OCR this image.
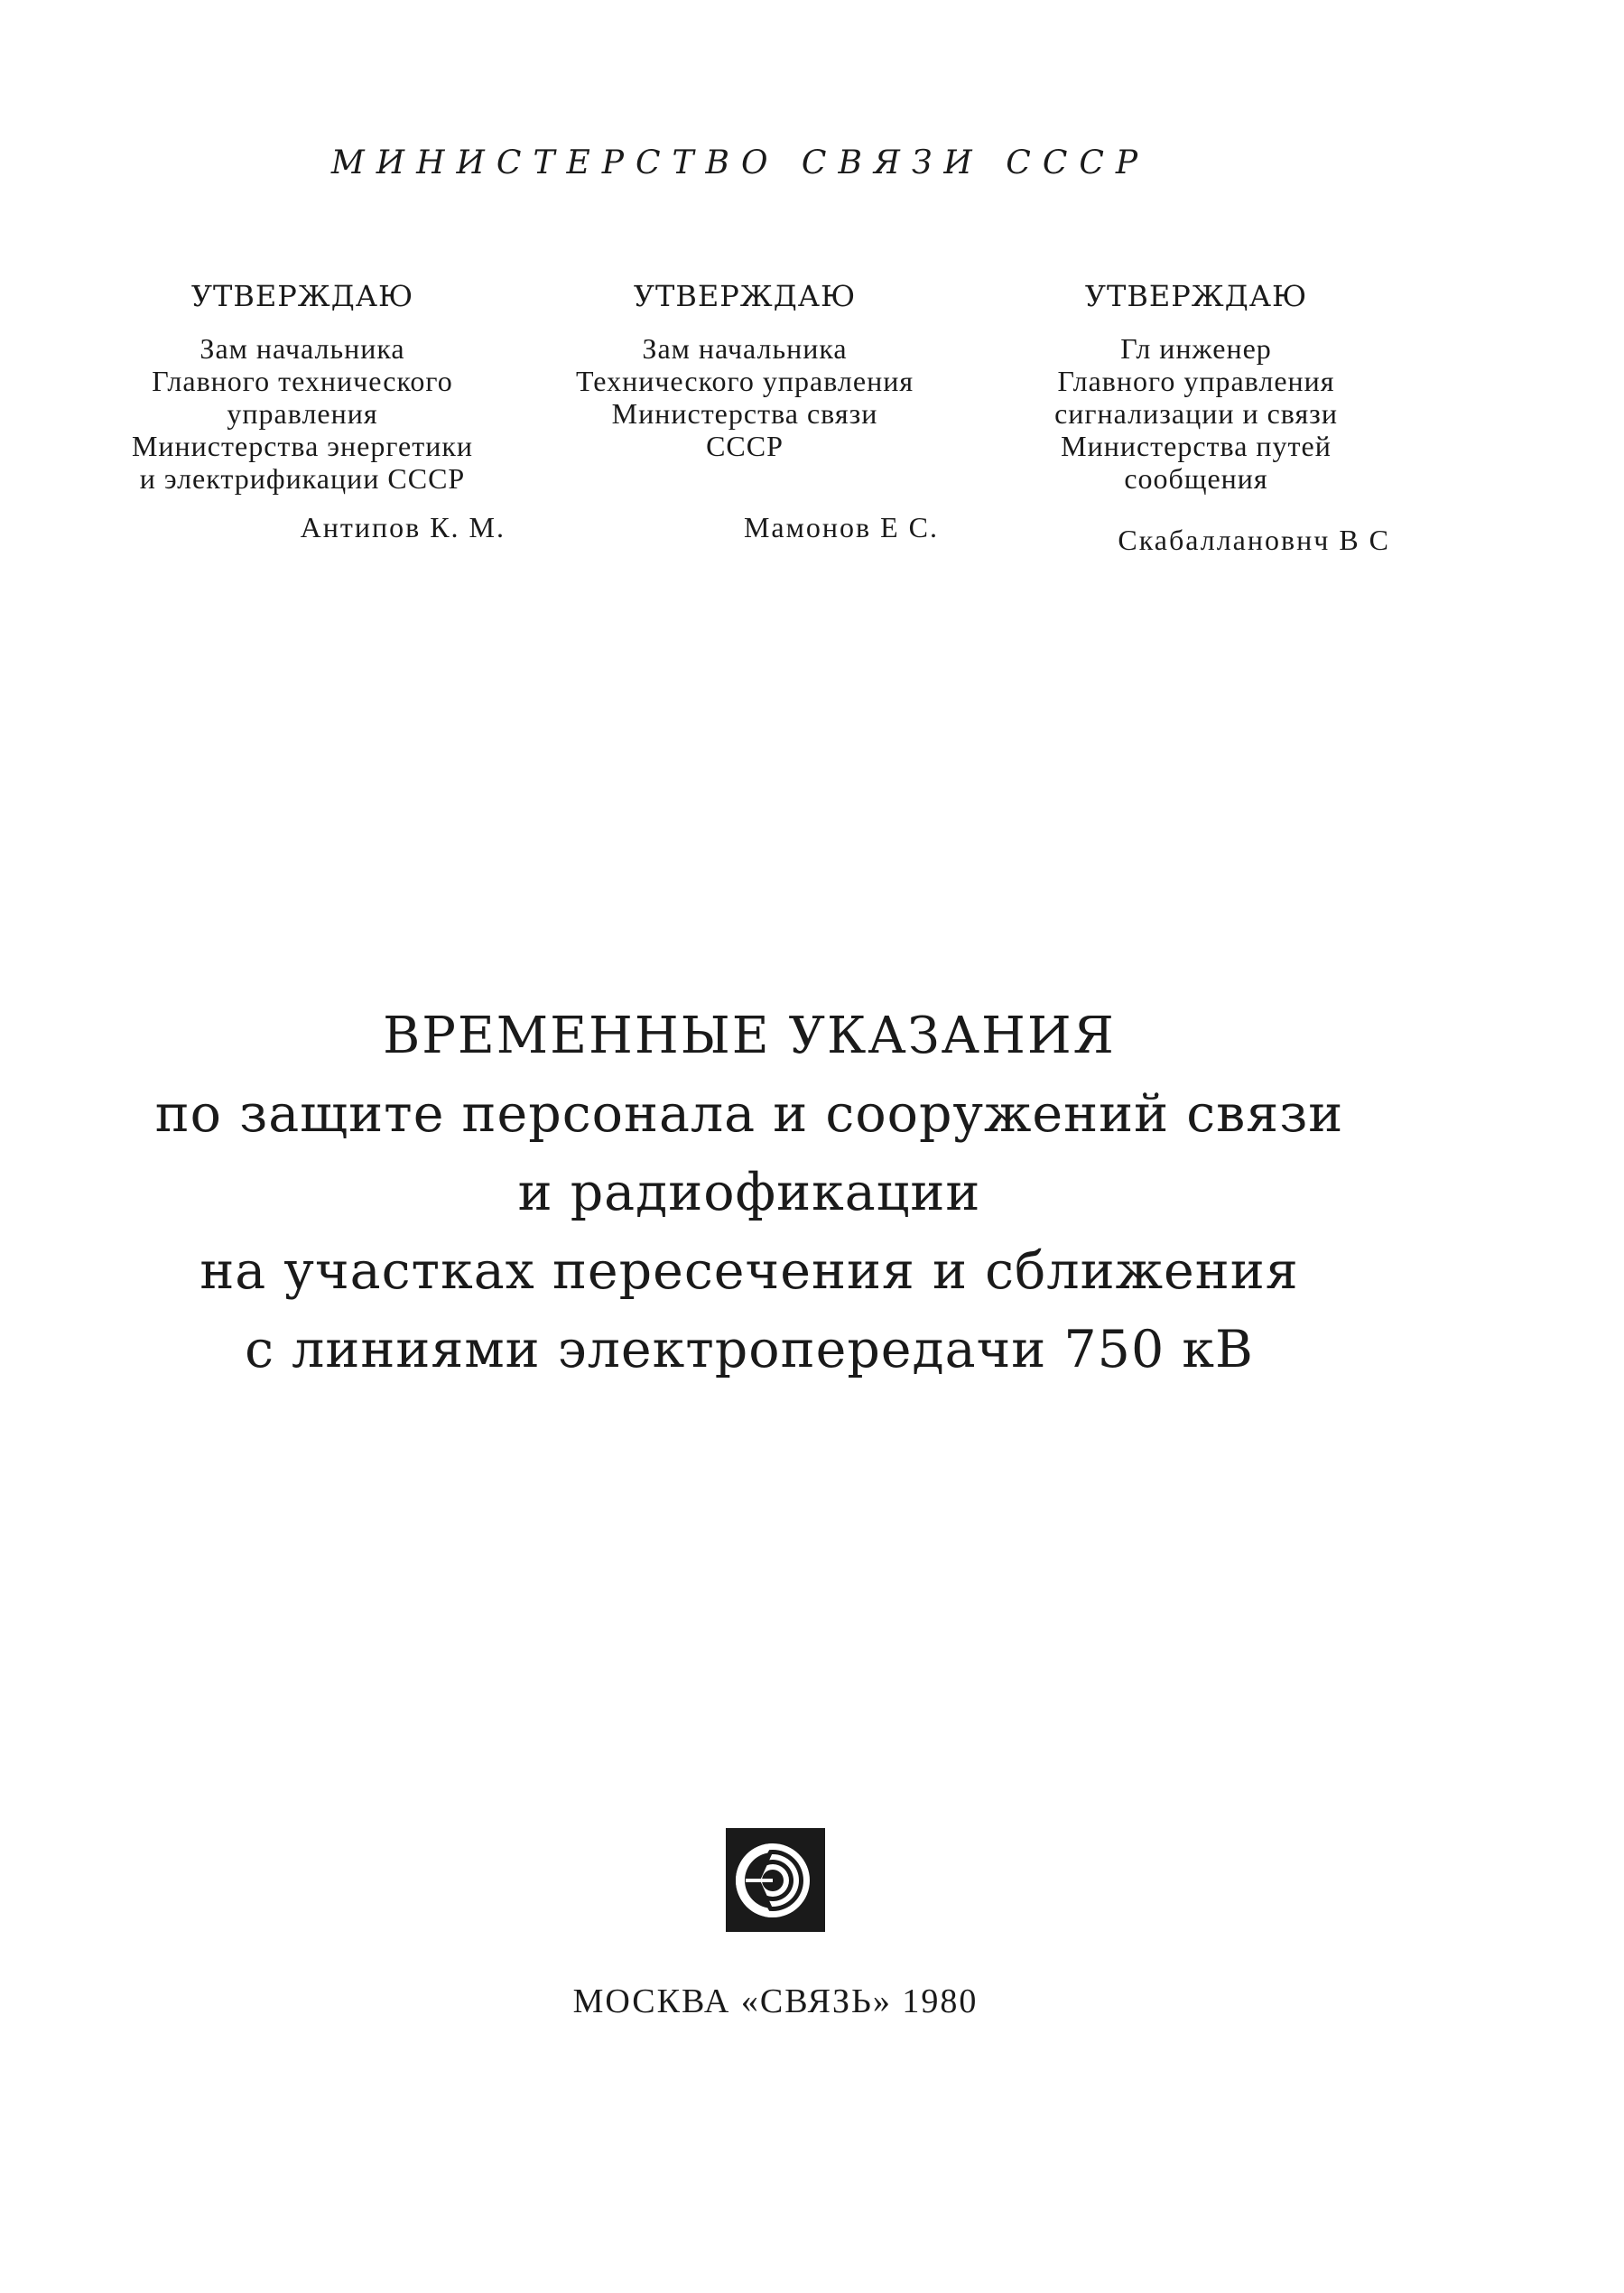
МИНИСТЕРСТВО СВЯЗИ СССР
УТВЕРЖДАЮ
Зам начальника
Главного технического
управления
Министерства энергетики
и электрификации СССР
Антипов К. М.
УТВЕРЖДАЮ
Зам начальника
Технического управления
Министерства связи
СССР
Мамонов Е С.
УТВЕРЖДАЮ
Гл инженер
Главного управления
сигнализации и связи
Министерства путей
сообщения
Скабаллановнч В С
ВРЕМЕННЫЕ УКАЗАНИЯ
по защите персонала и сооружений связи
и радиофикации
на участках пересечения и сближения
с линиями электропередачи 750 кВ
МОСКВА «СВЯЗЬ» 1980
